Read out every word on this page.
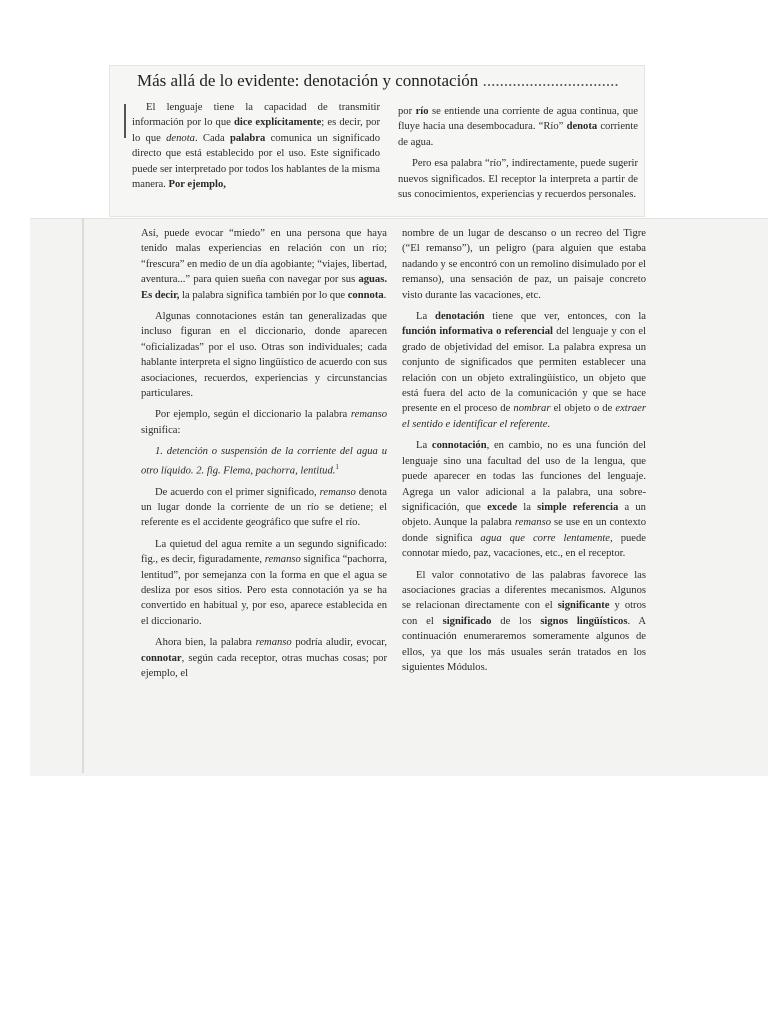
Más allá de lo evidente: denotación y connotación ................................

El lenguaje tiene la capacidad de transmitir información por lo que dice explícitamente; es decir, por lo que denota. Cada palabra comunica un significado directo que está establecido por el uso. Este significado puede ser interpretado por todos los hablantes de la misma manera. Por ejemplo,

por río se entiende una corriente de agua continua, que fluye hacia una desembocadura. “Río” denota corriente de agua.

Pero esa palabra “río”, indirectamente, puede sugerir nuevos significados. El receptor la interpreta a partir de sus conocimientos, experiencias y recuerdos personales.

Así, puede evocar “miedo” en una persona que haya tenido malas experiencias en relación con un río; “frescura” en medio de un día agobiante; “viajes, libertad, aventura...” para quien sueña con navegar por sus aguas. Es decir, la palabra significa también por lo que connota.

Algunas connotaciones están tan generalizadas que incluso figuran en el diccionario, donde aparecen “oficializadas” por el uso. Otras son individuales; cada hablante interpreta el signo lingüístico de acuerdo con sus asociaciones, recuerdos, experiencias y circunstancias particulares.

Por ejemplo, según el diccionario la palabra remanso significa:

1. detención o suspensión de la corriente del agua u otro líquido. 2. fig. Flema, pachorra, lentitud.$^1$

De acuerdo con el primer significado, remanso denota un lugar donde la corriente de un río se detiene; el referente es el accidente geográfico que sufre el río.

La quietud del agua remite a un segundo significado: fig., es decir, figuradamente, remanso significa “pachorra, lentitud”, por semejanza con la forma en que el agua se desliza por esos sitios. Pero esta connotación ya se ha convertido en habitual y, por eso, aparece establecida en el diccionario.

Ahora bien, la palabra remanso podría aludir, evocar, connotar, según cada receptor, otras muchas cosas; por ejemplo, el

nombre de un lugar de descanso o un recreo del Tigre (“El remanso”), un peligro (para alguien que estaba nadando y se encontró con un remolino disimulado por el remanso), una sensación de paz, un paisaje concreto visto durante las vacaciones, etc.

La denotación tiene que ver, entonces, con la función informativa o referencial del lenguaje y con el grado de objetividad del emisor. La palabra expresa un conjunto de significados que permiten establecer una relación con un objeto extralingüístico, un objeto que está fuera del acto de la comunicación y que se hace presente en el proceso de nombrar el objeto o de extraer el sentido e identificar el referente.

La connotación, en cambio, no es una función del lenguaje sino una facultad del uso de la lengua, que puede aparecer en todas las funciones del lenguaje. Agrega un valor adicional a la palabra, una sobre-significación, que excede la simple referencia a un objeto. Aunque la palabra remanso se use en un contexto donde significa agua que corre lentamente, puede connotar miedo, paz, vacaciones, etc., en el receptor.

El valor connotativo de las palabras favorece las asociaciones gracias a diferentes mecanismos. Algunos se relacionan directamente con el significante y otros con el significado de los signos lingüísticos. A continuación enumeraremos someramente algunos de ellos, ya que los más usuales serán tratados en los siguientes Módulos.
